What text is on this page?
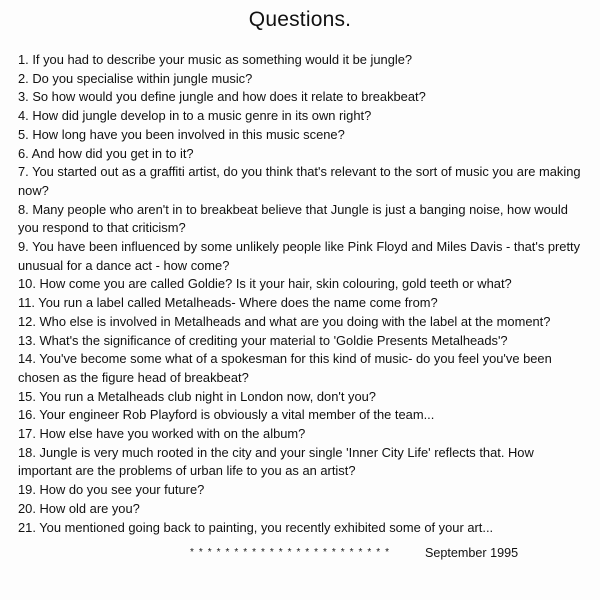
Questions.
1. If you had to describe your music as something would it be jungle?
2. Do you specialise within jungle music?
3. So how would you define jungle and how does it relate to breakbeat?
4. How did jungle develop in to a music genre in its own right?
5. How long have you been involved in this music scene?
6. And how did you get in to it?
7. You started out as a graffiti artist, do you think that's relevant to the sort of music you are making now?
8. Many people who aren't in to breakbeat believe that Jungle is just a banging noise, how would you respond to that criticism?
9. You have been influenced by some unlikely people like Pink Floyd and Miles Davis - that's pretty unusual for a dance act - how come?
10. How come you are called Goldie? Is it your hair, skin colouring, gold teeth or what?
11. You run a label called Metalheads- Where does the name come from?
12. Who else is involved in Metalheads and what are you doing with the label at the moment?
13. What's the significance of crediting your material to 'Goldie Presents Metalheads'?
14. You've become some what of a spokesman for this kind of music- do you feel you've been chosen as the figure head of breakbeat?
15. You run a Metalheads club night in London now, don't you?
16. Your engineer Rob Playford is obviously a vital member of the team...
17. How else have you worked with on the album?
18. Jungle is very much rooted in the city and your single 'Inner City Life' reflects that. How important are the problems of urban life to you as an artist?
19. How do you see your future?
20. How old are you?
21. You mentioned going back to painting, you recently exhibited some of your art...
* * * * * * * * * * * * * * * * * * * * * * *	September 1995
